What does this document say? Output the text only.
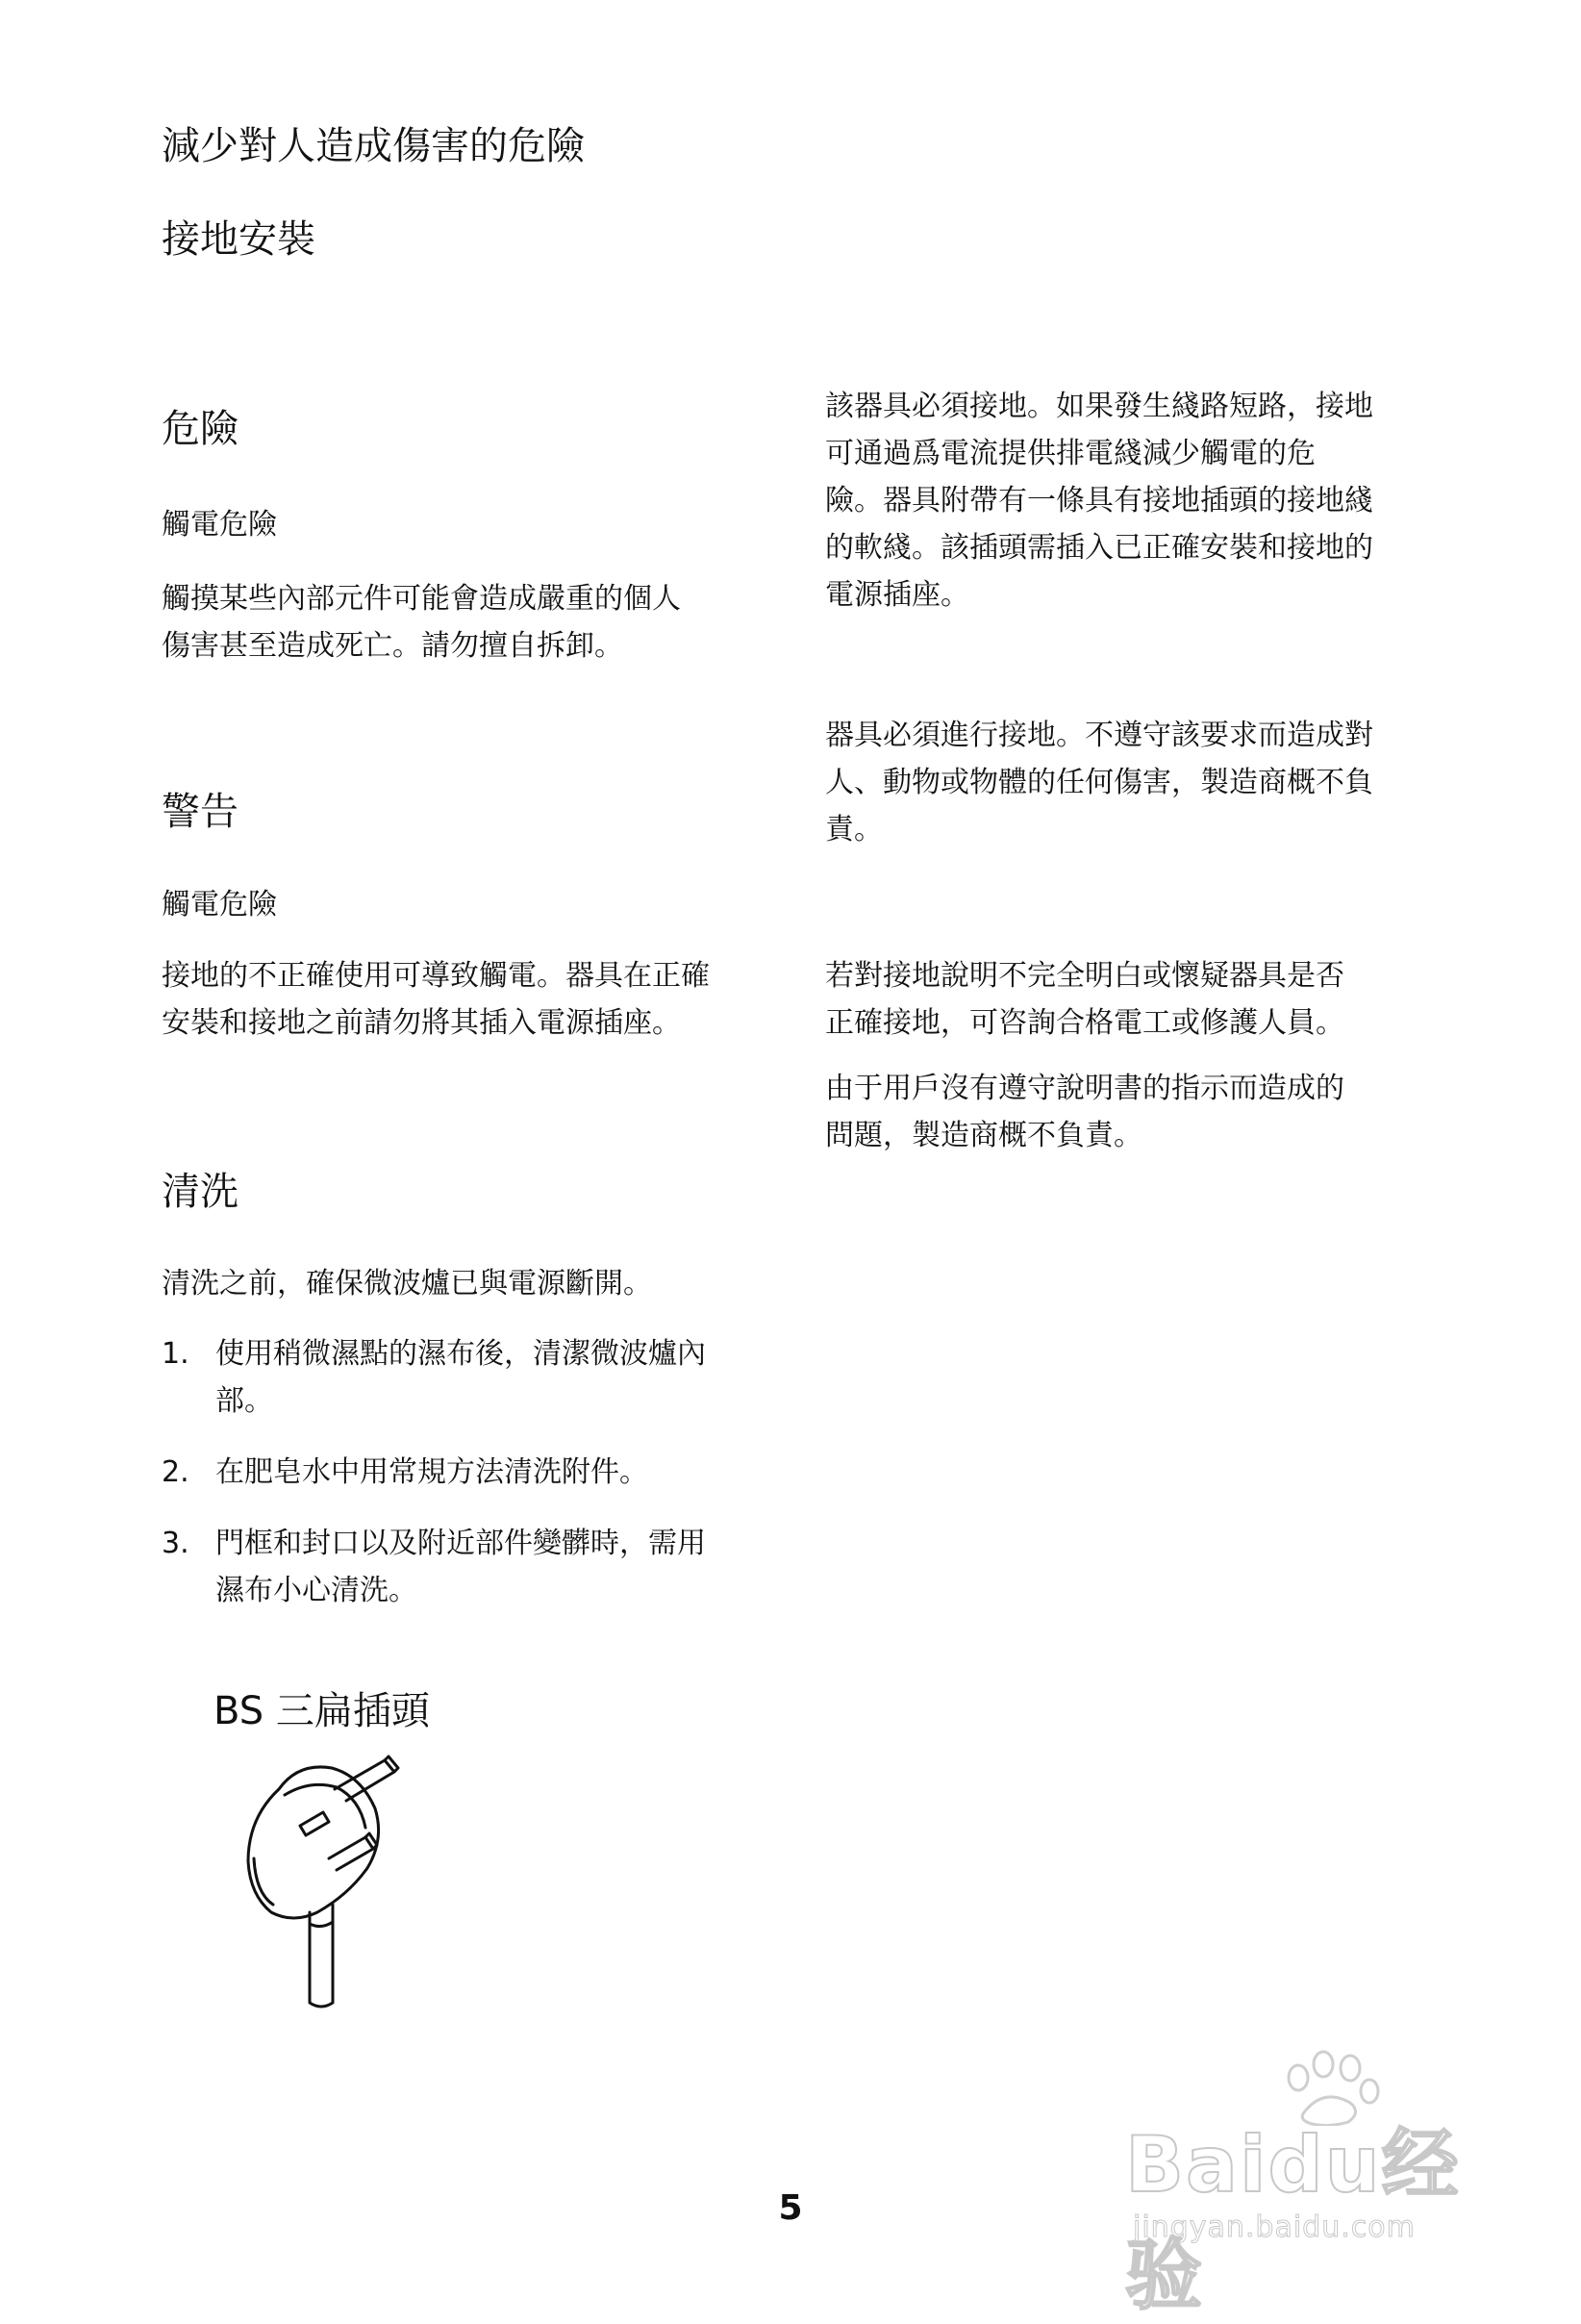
減少對人造成傷害的危險
接地安裝
危險
觸電危險
觸摸某些內部元件可能會造成嚴重的個人
傷害甚至造成死亡。請勿擅自拆卸。
警告
觸電危險
接地的不正確使用可導致觸電。器具在正確
安裝和接地之前請勿將其插入電源插座。
清洗
清洗之前，確保微波爐已與電源斷開。
1. 使用稍微濕點的濕布後，清潔微波爐內
部。
2. 在肥皂水中用常規方法清洗附件。
3. 門框和封口以及附近部件變髒時，需用
濕布小心清洗。
該器具必須接地。如果發生綫路短路，接地
可通過爲電流提供排電綫減少觸電的危
險。器具附帶有一條具有接地插頭的接地綫
的軟綫。該插頭需插入已正確安裝和接地的
電源插座。
器具必須進行接地。不遵守該要求而造成對
人、動物或物體的任何傷害，製造商概不負
責。
若對接地說明不完全明白或懷疑器具是否
正確接地，可咨詢合格電工或修護人員。
由于用戶沒有遵守說明書的指示而造成的
問題，製造商概不負責。
BS 三扁插頭
5	Baidu经验
jingyan.baidu.com
